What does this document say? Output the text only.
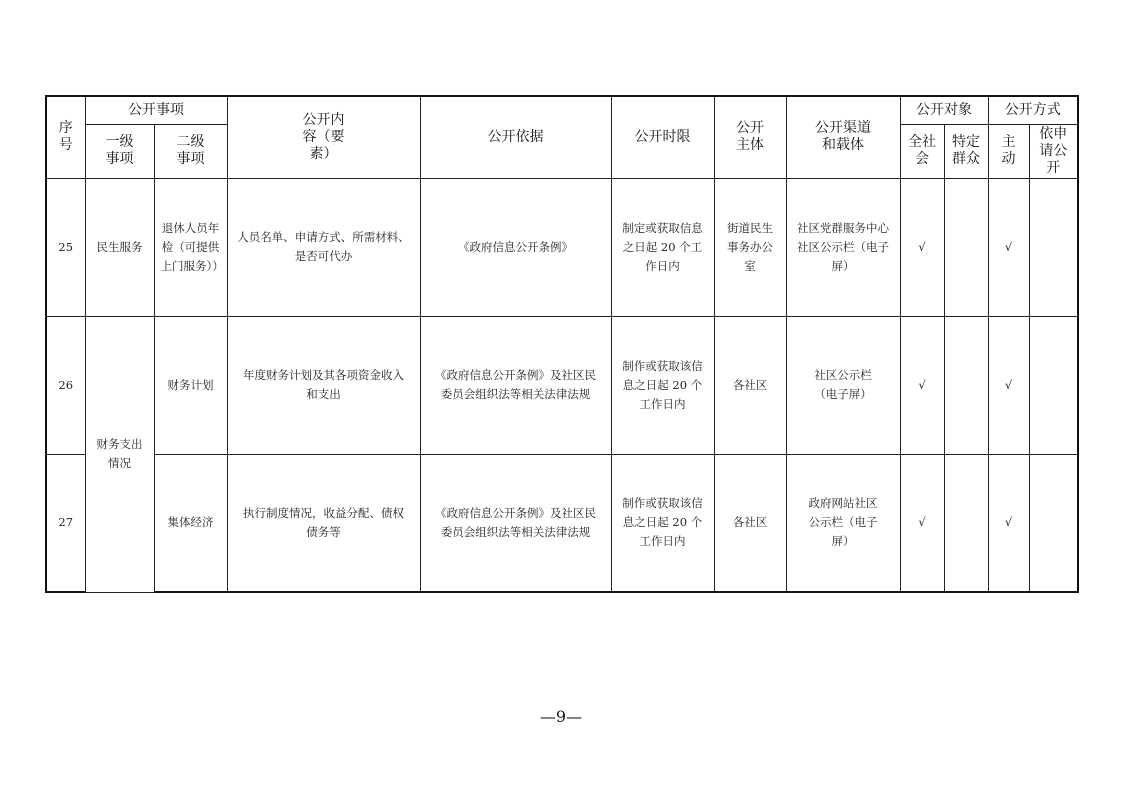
序号	公开事项		公开内容（要素）	公开依据	公开时限	公开主体	公开渠道和载体	公开对象		公开方式	
	一级事项	二级事项						全社会	特定群众	主动	依申请公开
25	民生服务	退休人员年检（可提供上门服务））	人员名单、申请方式、所需材料、是否可代办	《政府信息公开条例》	制定或获取信息之日起 20 个工作日内	街道民生事务办公室	社区党群服务中心社区公示栏（电子屏）	√		√	
26	财务支出情况	财务计划	年度财务计划及其各项资金收入和支出	《政府信息公开条例》及社区民委员会组织法等相关法律法规	制作或获取该信息之日起 20 个工作日内	各社区	社区公示栏（电子屏）	√		√	
27		集体经济	执行制度情况，收益分配、债权债务等	《政府信息公开条例》及社区民委员会组织法等相关法律法规	制作或获取该信息之日起 20 个工作日内	各社区	政府网站社区公示栏（电子屏）	√		√	
—9—
